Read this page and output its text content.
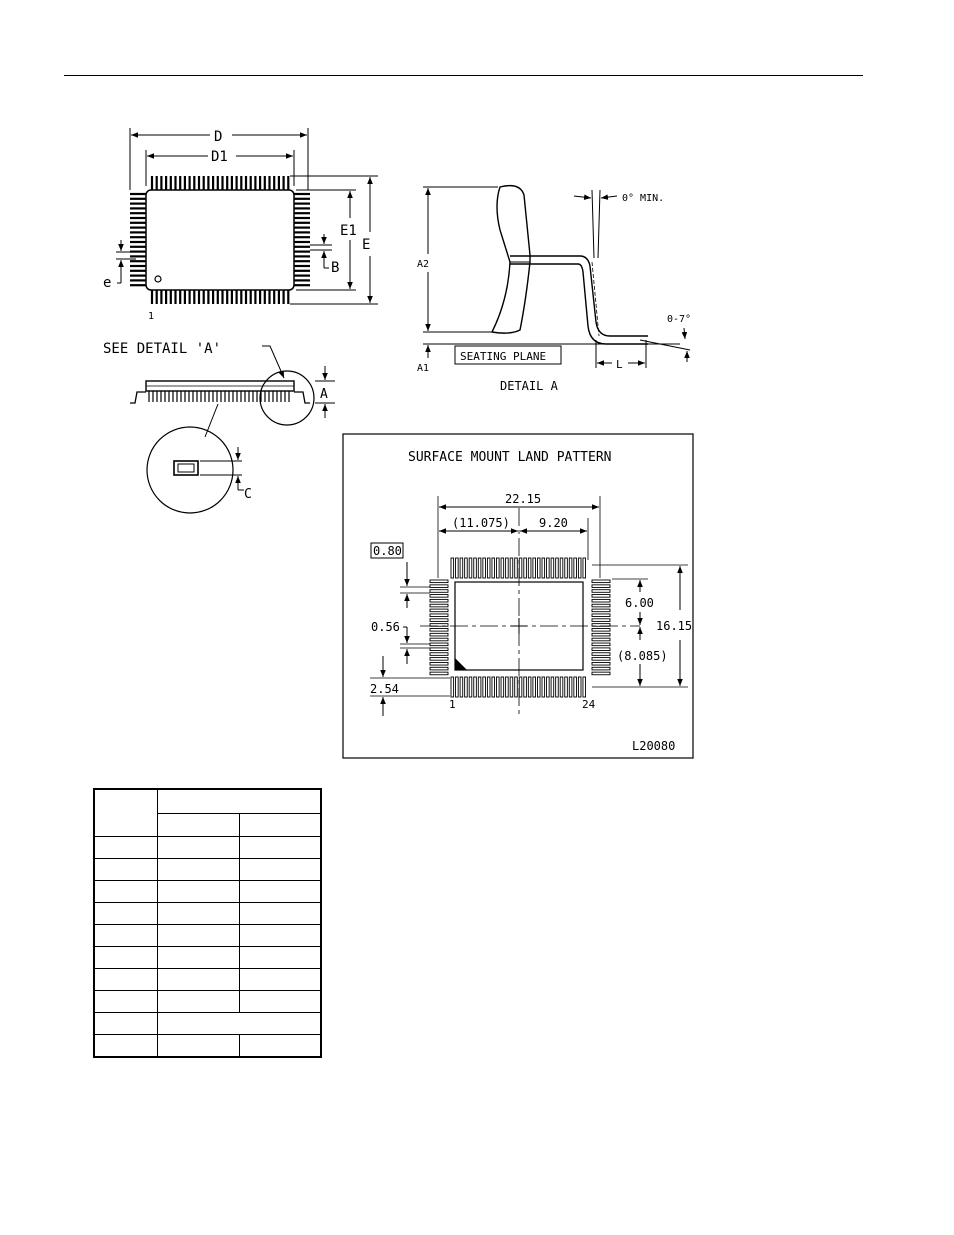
D
D1
E
E1
e
B
1
SEE DETAIL 'A'
A
C
0° MIN.
A2
A1
SEATING PLANE
L
0-7°
DETAIL A
SURFACE MOUNT LAND PATTERN
22.15
(11.075) 9.20
0.80
0.56	16.15
6.00
(8.085)
2.54
1	24
L20080
